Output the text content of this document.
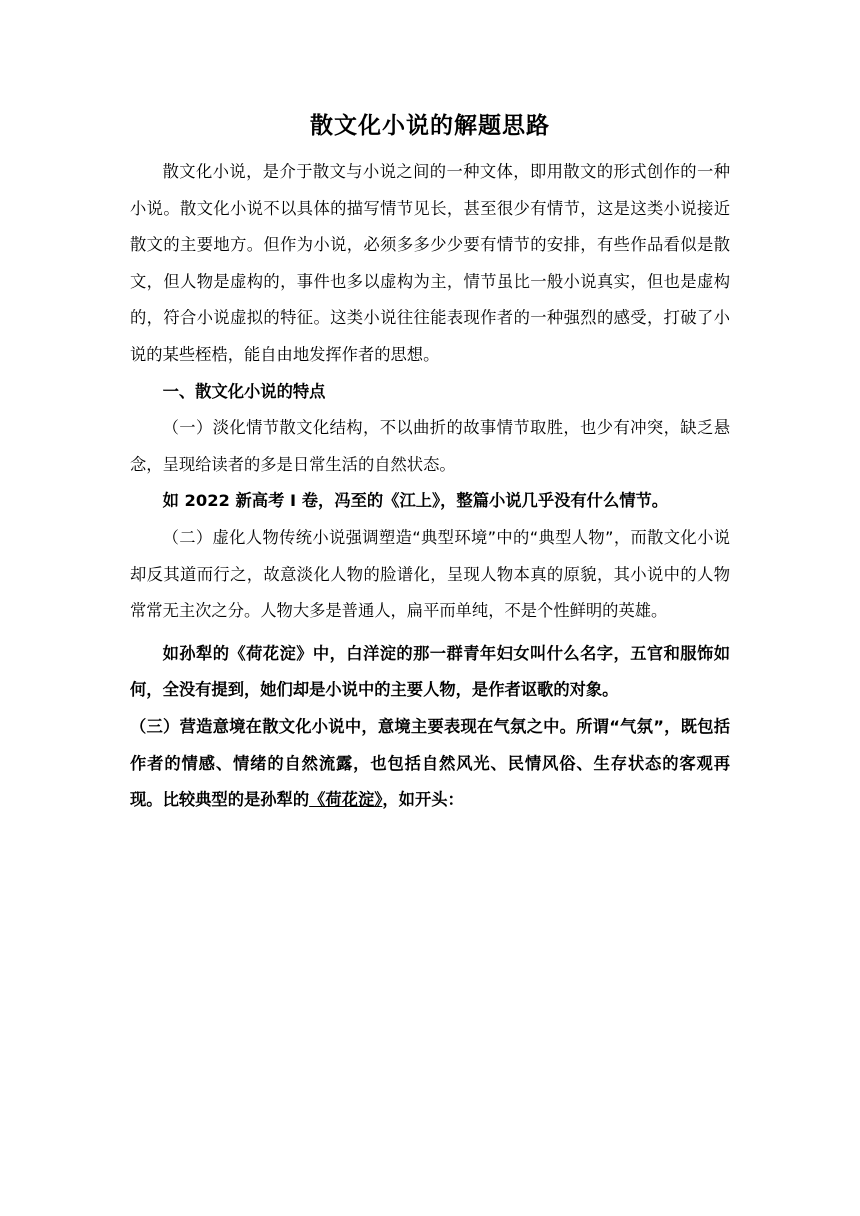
散文化小说的解题思路

散文化小说，是介于散文与小说之间的一种文体，即用散文的形式创作的一种小说。散文化小说不以具体的描写情节见长，甚至很少有情节，这是这类小说接近散文的主要地方。但作为小说，必须多多少少要有情节的安排，有些作品看似是散文，但人物是虚构的，事件也多以虚构为主，情节虽比一般小说真实，但也是虚构的，符合小说虚拟的特征。这类小说往往能表现作者的一种强烈的感受，打破了小说的某些桎梏，能自由地发挥作者的思想。

一、散文化小说的特点

（一）淡化情节散文化结构，不以曲折的故事情节取胜，也少有冲突，缺乏悬念，呈现给读者的多是日常生活的自然状态。

如 2022 新高考 I 卷，冯至的《江上》，整篇小说几乎没有什么情节。

（二）虚化人物传统小说强调塑造“典型环境”中的“典型人物”，而散文化小说却反其道而行之，故意淡化人物的脸谱化，呈现人物本真的原貌，其小说中的人物常常无主次之分。人物大多是普通人，扁平而单纯，不是个性鲜明的英雄。

如孙犁的《荷花淀》中，白洋淀的那一群青年妇女叫什么名字，五官和服饰如何，全没有提到，她们却是小说中的主要人物，是作者讴歌的对象。

（三）营造意境在散文化小说中，意境主要表现在气氛之中。所谓“气氛”，既包括作者的情感、情绪的自然流露，也包括自然风光、民情风俗、生存状态的客观再现。比较典型的是孙犁的《荷花淀》，如开头：
